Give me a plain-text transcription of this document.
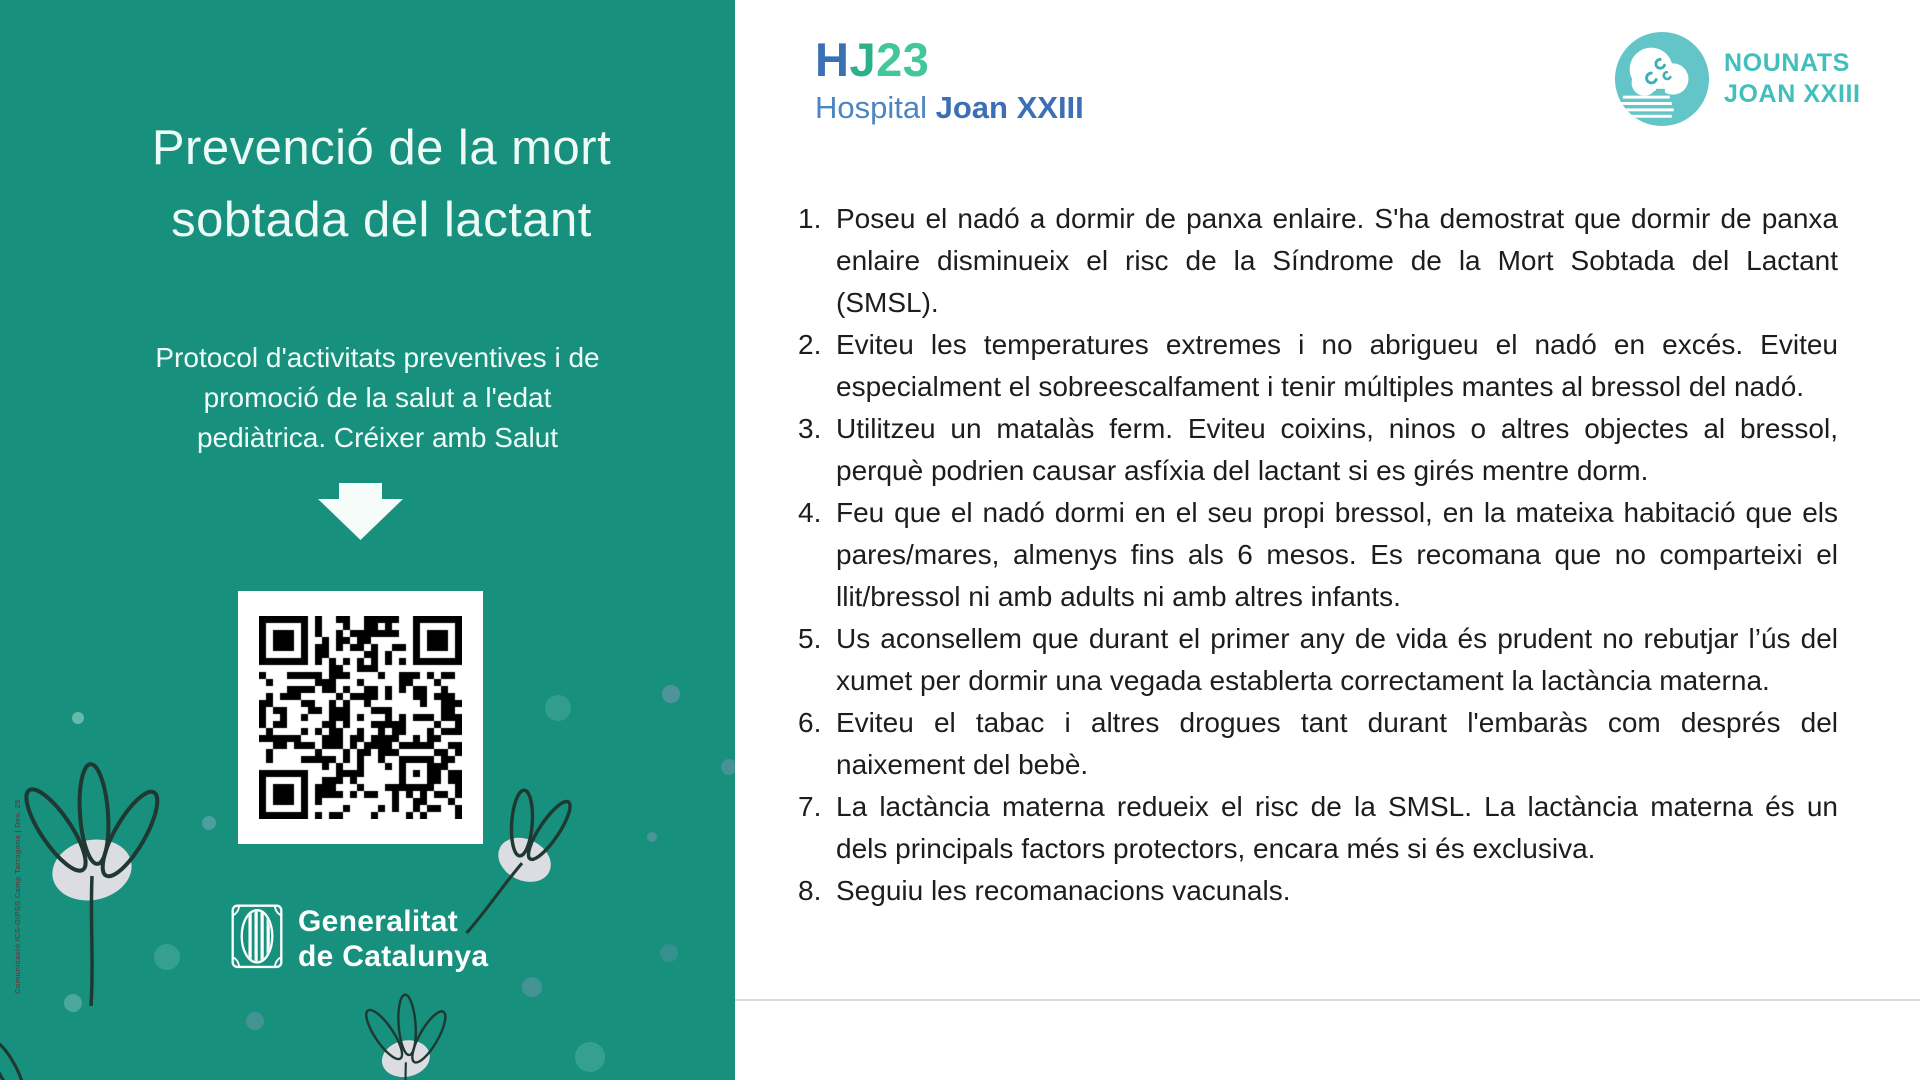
Prevenció de la mort
sobtada del lactant
Protocol d'activitats preventives i de
promoció de la salut a l'edat
pediàtrica. Créixer amb Salut
Generalitat
de Catalunya
Comunicació ICS-GIPSS Camp Tarragona | Des. 25
HJ23
Hospital Joan XXIII
NOUNATS
JOAN XXIII
1. Poseu el nadó a dormir de panxa enlaire. S'ha demostrat que dormir de panxa enlaire disminueix el risc de la Síndrome de la Mort Sobtada del Lactant (SMSL).
2. Eviteu les temperatures extremes i no abrigueu el nadó en excés. Eviteu especialment el sobreescalfament i tenir múltiples mantes al bressol del nadó.
3. Utilitzeu un matalàs ferm. Eviteu coixins, ninos o altres objectes al bressol, perquè podrien causar asfíxia del lactant si es girés mentre dorm.
4. Feu que el nadó dormi en el seu propi bressol, en la mateixa habitació que els pares/mares, almenys fins als 6 mesos. Es recomana que no comparteixi el llit/bressol ni amb adults ni amb altres infants.
5. Us aconsellem que durant el primer any de vida és prudent no rebutjar l’ús del xumet per dormir una vegada establerta correctament la lactància materna.
6. Eviteu el tabac i altres drogues tant durant l'embaràs com després del naixement del bebè.
7. La lactància materna redueix el risc de la SMSL. La lactància materna és un dels principals factors protectors, encara més si és exclusiva.
8. Seguiu les recomanacions vacunals.
